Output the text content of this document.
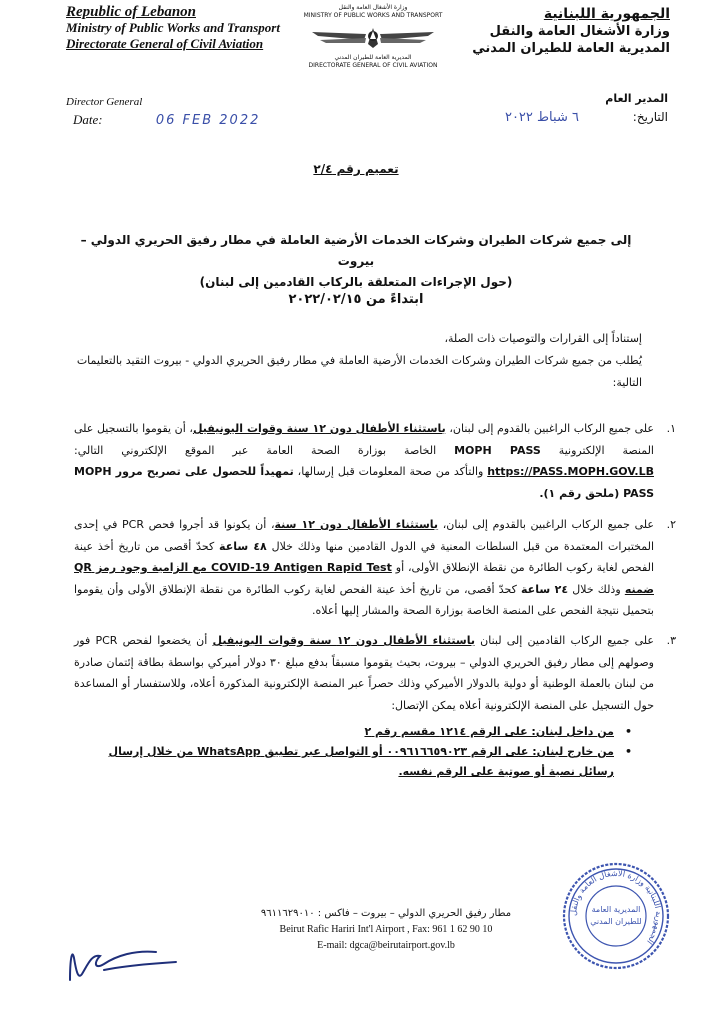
Republic of Lebanon
Ministry of Public Works and Transport
Directorate General of Civil Aviation
وزارة الأشغال العامة والنقل
MINISTRY OF PUBLIC WORKS AND TRANSPORT
المديرية العامة للطيران المدني
DIRECTORATE GENERAL OF CIVIL AVIATION
الجمهورية اللبنانية
وزارة الأشغال العامة والنقل
المديرية العامة للطيران المدني
Director General
Date:	06 FEB 2022
المدير العام
التاريخ: ٦ شباط ٢٠٢٢
تعميم رقم ٢/٤
إلى جميع شركات الطيران وشركات الخدمات الأرضية العاملة في مطار رفيق الحريري الدولي – بيروت
(حول الإجراءات المتعلقة بالركاب القادمين إلى لبنان)
ابتداءً من ٢٠٢٢/٠٢/١٥
إستناداً إلى القرارات والتوصيات ذات الصلة،
يُطلب من جميع شركات الطيران وشركات الخدمات الأرضية العاملة في مطار رفيق الحريري الدولي - بيروت التقيد بالتعليمات التالية:
١.
على جميع الركاب الراغبين بالقدوم إلى لبنان، باستثناء الأطفال دون ١٢ سنة وقوات اليونيفيل، أن يقوموا بالتسجيل على المنصة الإلكترونية MOPH PASS الخاصة بوزارة الصحة العامة عبر الموقع الإلكتروني التالي: https://PASS.MOPH.GOV.LB والتأكد من صحة المعلومات قبل إرسالها، تمهيداً للحصول على تصريح مرور MOPH PASS (ملحق رقم ١).
٢.
على جميع الركاب الراغبين بالقدوم إلى لبنان، باستثناء الأطفال دون ١٢ سنة، أن يكونوا قد أجروا فحص PCR في إحدى المختبرات المعتمدة من قبل السلطات المعنية في الدول القادمين منها وذلك خلال ٤٨ ساعة كحدّ أقصى من تاريخ أخذ عينة الفحص لغاية ركوب الطائرة من نقطة الإنطلاق الأولى، أو COVID-19 Antigen Rapid Test مع الزامية وجود رمز QR ضمنه وذلك خلال ٢٤ ساعة كحدّ أقصى، من تاريخ أخذ عينة الفحص لغاية ركوب الطائرة من نقطة الإنطلاق الأولى وأن يقوموا بتحميل نتيجة الفحص على المنصة الخاصة بوزارة الصحة والمشار إليها أعلاه.
٣.
على جميع الركاب القادمين إلى لبنان باستثناء الأطفال دون ١٢ سنة وقوات اليونيفيل أن يخضعوا لفحص PCR فور وصولهم إلى مطار رفيق الحريري الدولي – بيروت، بحيث يقوموا مسبقاً بدفع مبلغ ٣٠ دولار أميركي بواسطة بطاقة إئتمان صادرة من لبنان بالعملة الوطنية أو دولية بالدولار الأميركي وذلك حصراً عبر المنصة الإلكترونية المذكورة أعلاه، وللاستفسار أو المساعدة حول التسجيل على المنصة الإلكترونية أعلاه يمكن الإتصال:
• من داخل لبنان: على الرقم ١٢١٤ مقسم رقم ٢
• من خارج لبنان: على الرقم ٠٠٩٦١٦٦٥٩٠٢٣ أو التواصل عبر تطبيق WhatsApp من خلال إرسال رسائل نصية أو صوتية على الرقم نفسه.
مطار رفيق الحريري الدولي – بيروت – فاكس : ٩٦١١٦٢٩٠١٠
Beirut Rafic Hariri Int'l Airport , Fax: 961 1 62 90 10
E-mail: dgca@beirutairport.gov.lb
الجمهورية اللبنانية وزارة الأشغال العامة والنقل
المديرية العامة
للطيران المدني
